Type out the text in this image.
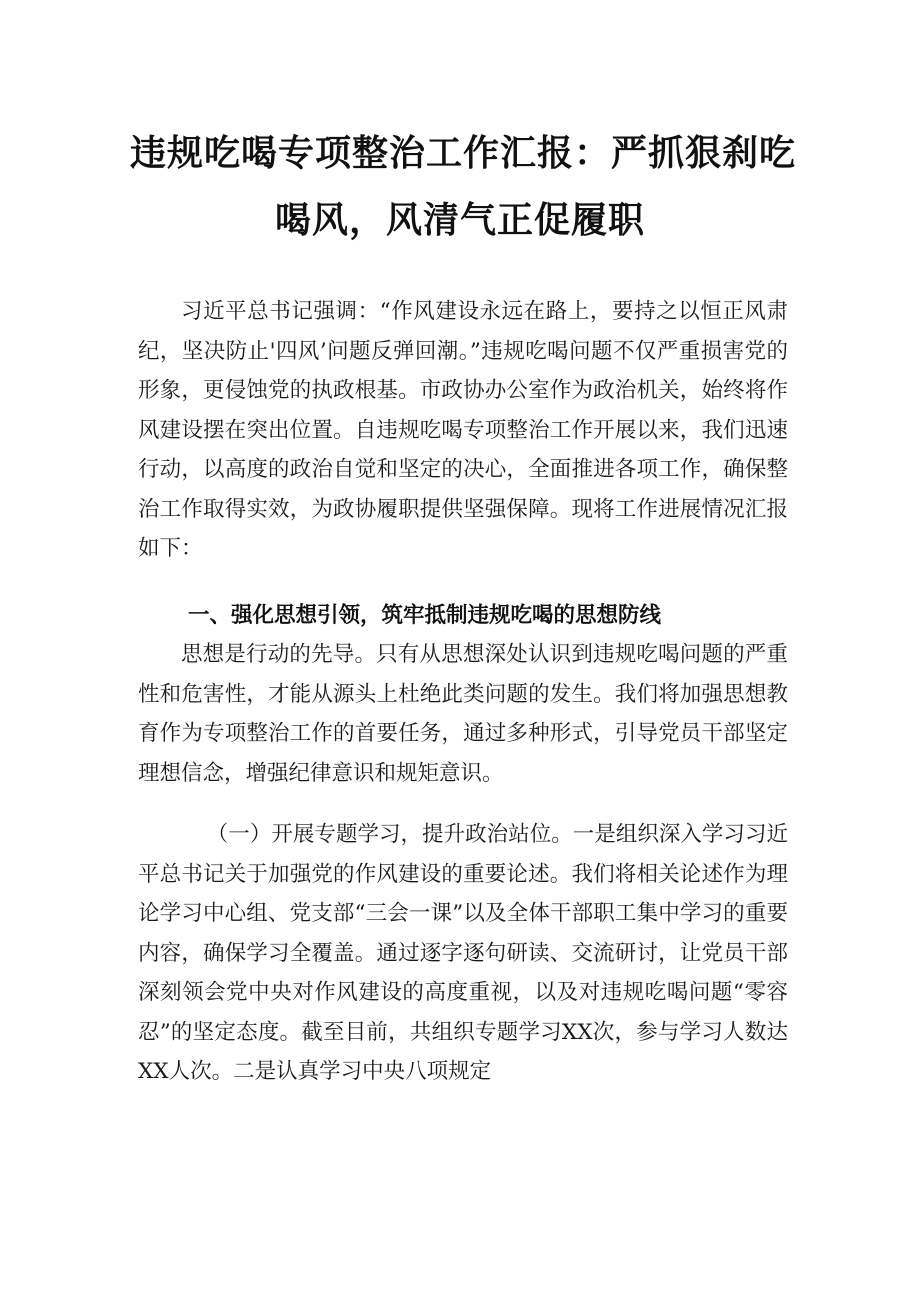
违规吃喝专项整治工作汇报：严抓狠刹吃
喝风，风清气正促履职
习近平总书记强调：“作风建设永远在路上，要持之以恒正风肃纪，坚决防止'四风’问题反弹回潮。”违规吃喝问题不仅严重损害党的形象，更侵蚀党的执政根基。市政协办公室作为政治机关，始终将作风建设摆在突出位置。自违规吃喝专项整治工作开展以来，我们迅速行动，以高度的政治自觉和坚定的决心，全面推进各项工作，确保整治工作取得实效，为政协履职提供坚强保障。现将工作进展情况汇报如下：
一、强化思想引领，筑牢抵制违规吃喝的思想防线
思想是行动的先导。只有从思想深处认识到违规吃喝问题的严重性和危害性，才能从源头上杜绝此类问题的发生。我们将加强思想教育作为专项整治工作的首要任务，通过多种形式，引导党员干部坚定理想信念，增强纪律意识和规矩意识。
（一）开展专题学习，提升政治站位。一是组织深入学习习近平总书记关于加强党的作风建设的重要论述。我们将相关论述作为理论学习中心组、党支部“三会一课”以及全体干部职工集中学习的重要内容，确保学习全覆盖。通过逐字逐句研读、交流研讨，让党员干部深刻领会党中央对作风建设的高度重视，以及对违规吃喝问题“零容忍”的坚定态度。截至目前，共组织专题学习XX次，参与学习人数达XX人次。二是认真学习中央八项规定
